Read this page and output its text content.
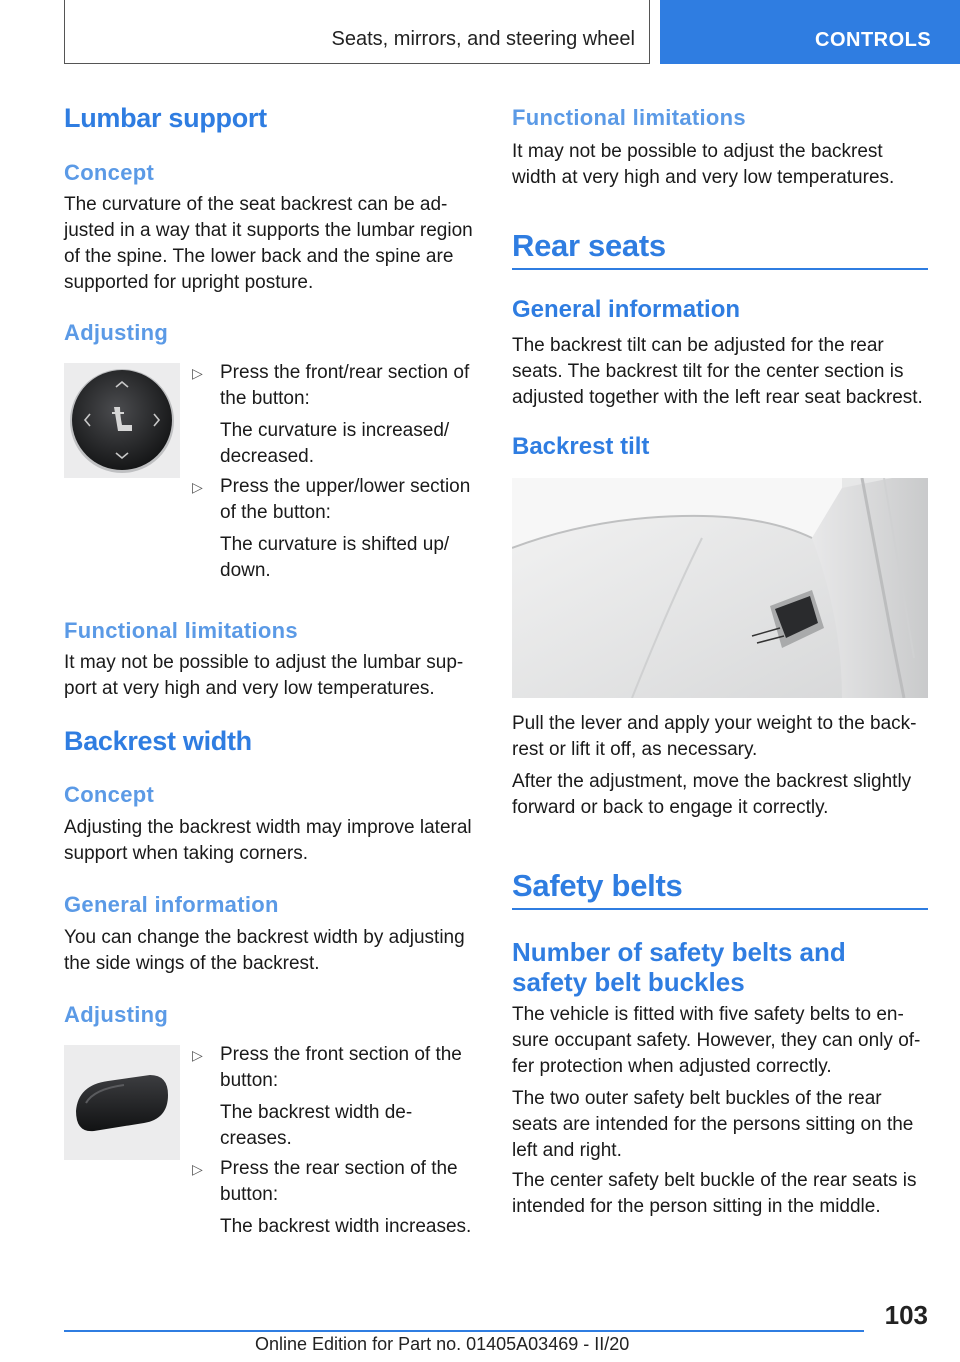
Seats, mirrors, and steering wheel	CONTROLS
Lumbar support
Concept
The curvature of the seat backrest can be ad-
justed in a way that it supports the lumbar region
of the spine. The lower back and the spine are
supported for upright posture.
Adjusting
▷ Press the front/rear section of
the button:
The curvature is increased/
decreased.
▷ Press the upper/lower section
of the button:
The curvature is shifted up/
down.
Functional limitations
It may not be possible to adjust the lumbar sup-
port at very high and very low temperatures.
Backrest width
Concept
Adjusting the backrest width may improve lateral
support when taking corners.
General information
You can change the backrest width by adjusting
the side wings of the backrest.
Adjusting
▷ Press the front section of the
button:
The backrest width de-
creases.
▷ Press the rear section of the
button:
The backrest width increases.
Functional limitations
It may not be possible to adjust the backrest
width at very high and very low temperatures.
Rear seats
General information
The backrest tilt can be adjusted for the rear
seats. The backrest tilt for the center section is
adjusted together with the left rear seat backrest.
Backrest tilt
Pull the lever and apply your weight to the back-
rest or lift it off, as necessary.
After the adjustment, move the backrest slightly
forward or back to engage it correctly.
Safety belts
Number of safety belts and
safety belt buckles
The vehicle is fitted with five safety belts to en-
sure occupant safety. However, they can only of-
fer protection when adjusted correctly.
The two outer safety belt buckles of the rear
seats are intended for the persons sitting on the
left and right.
The center safety belt buckle of the rear seats is
intended for the person sitting in the middle.
103
Online Edition for Part no. 01405A03469 - II/20
